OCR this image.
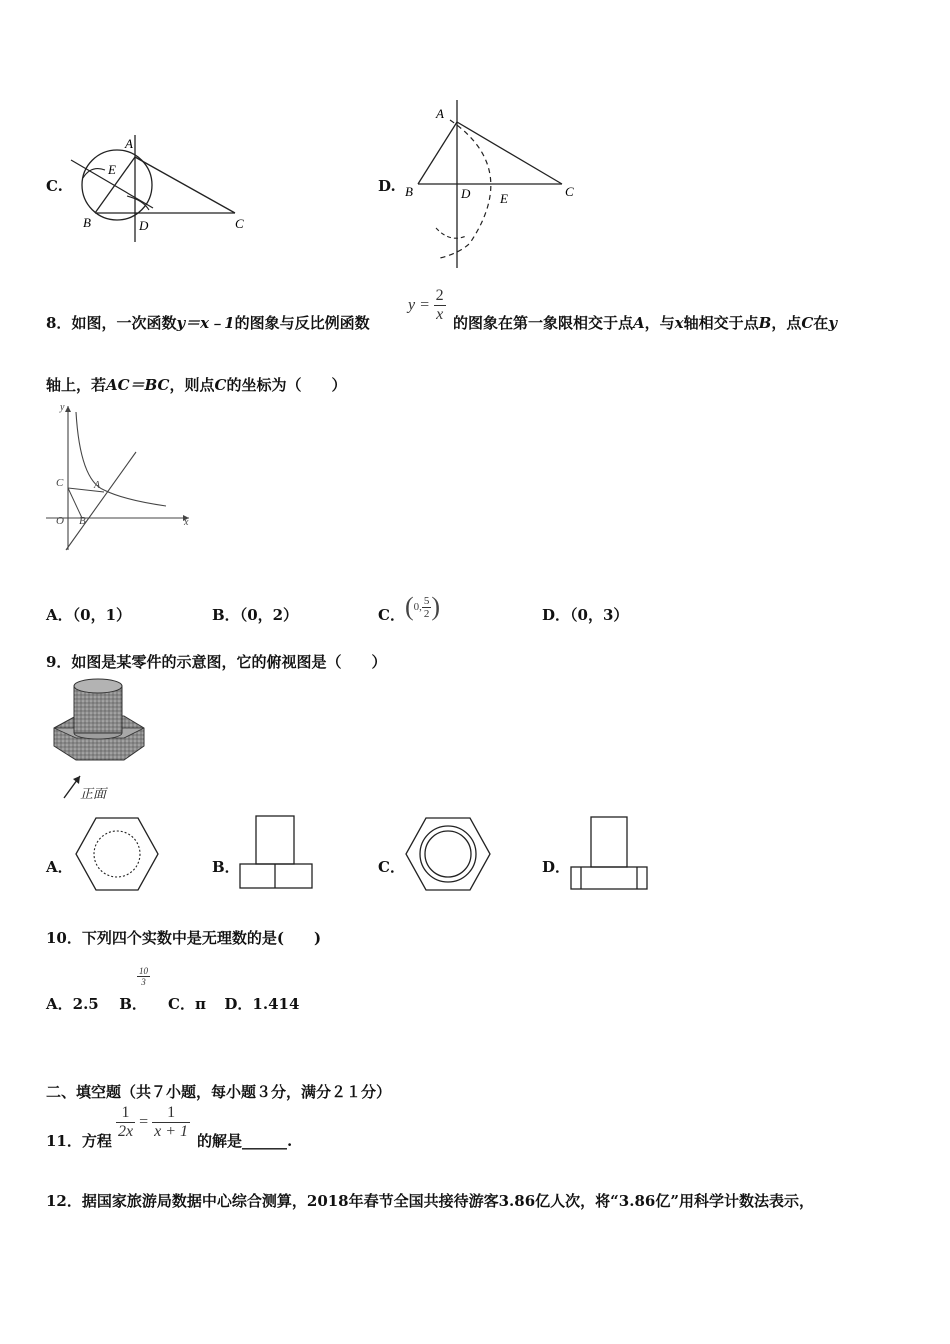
C.
A
E
B	D	C
D.
A
B	D E	C
8．如图，一次函数y＝x﹣1的图象与反比例函数
$y = \frac{2}{x}$ 的图象在第一象限相交于点A，与x轴相交于点B，点C在y
轴上，若AC＝BC，则点C的坐标为（　　）
y
x
C	A
O B
A．（0，1）	B．（0，2）	C． (0, $\frac{5}{2}$ )	D．（0，3）
9．如图是某零件的示意图，它的俯视图是（　　）
正面
A．	B．	C．	D．
10．下列四个实数中是无理数的是(　　)
A．2.5 B．
$\frac{10}{3}$
C．π D．1.414
二、填空题（共７小题，每小题３分，满分２１分）
11．方程 $\frac{1}{2x} = \frac{1}{x + 1}$ 的解是______.
12．据国家旅游局数据中心综合测算，2018年春节全国共接待游客3.86亿人次，将“3.86亿”用科学计数法表示，
